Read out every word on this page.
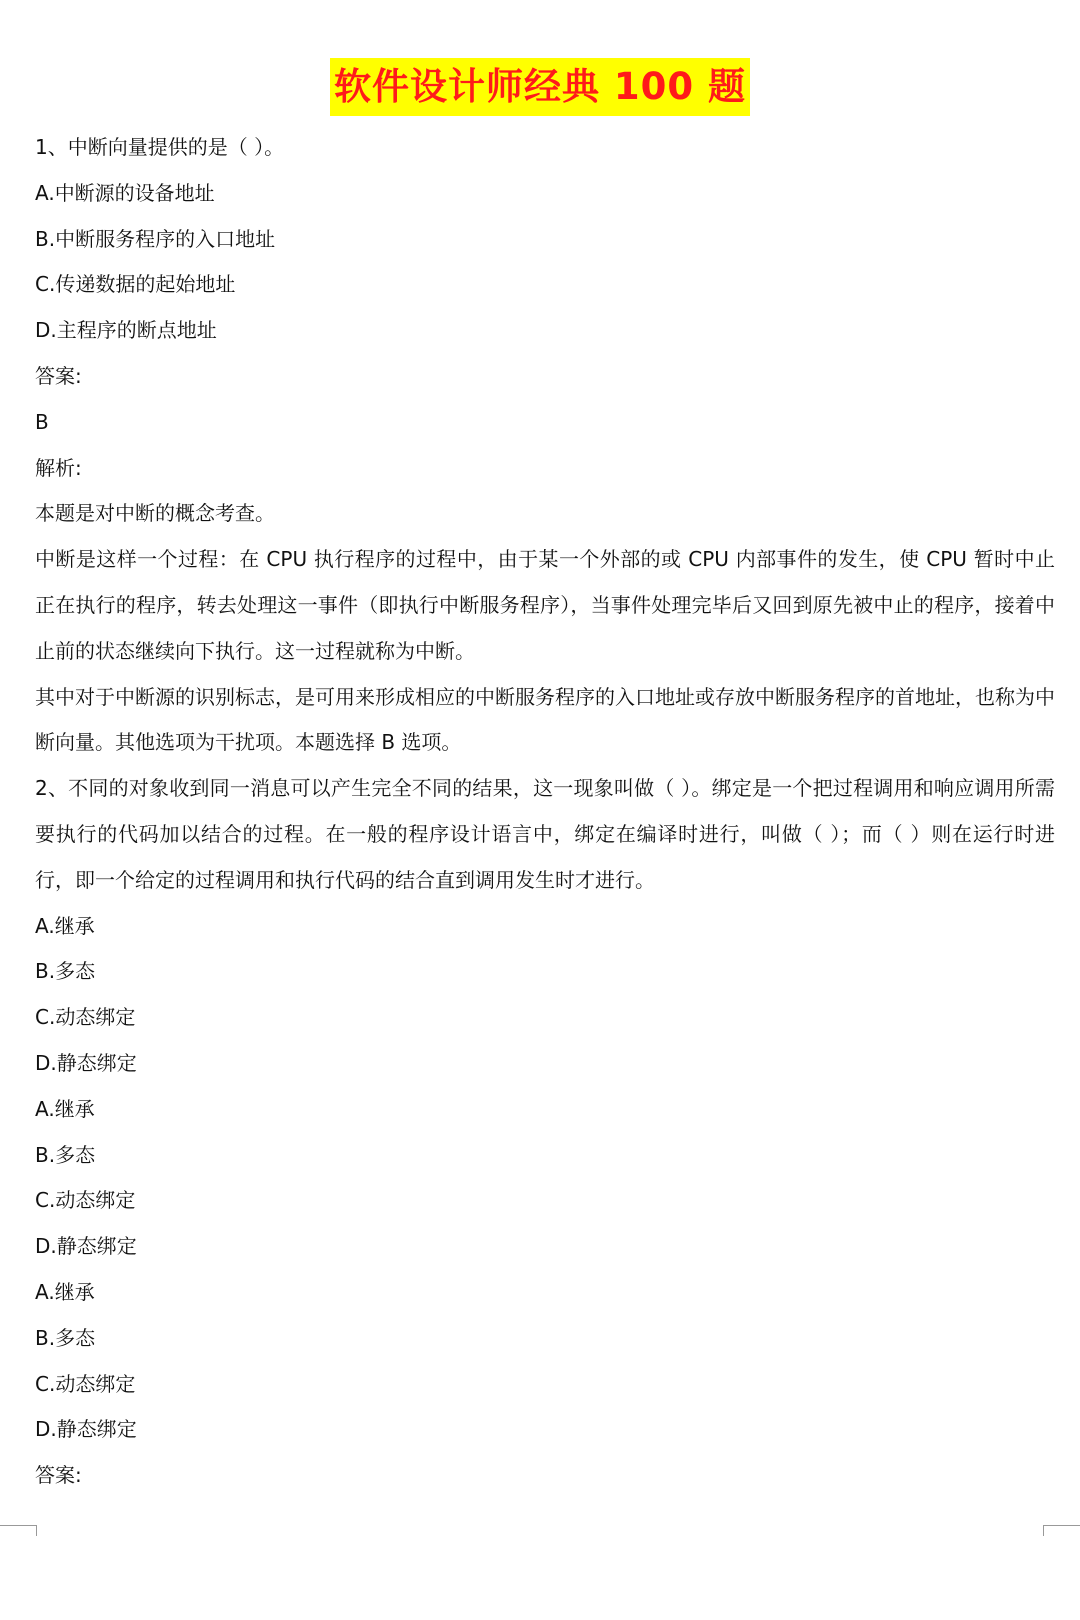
软件设计师经典 100 题
1、中断向量提供的是（ ）。
A.中断源的设备地址
B.中断服务程序的入口地址
C.传递数据的起始地址
D.主程序的断点地址
答案:
B
解析:
本题是对中断的概念考查。
中断是这样一个过程：在 CPU 执行程序的过程中，由于某一个外部的或 CPU 内部事件的发生，使 CPU 暂时中止正在执行的程序，转去处理这一事件（即执行中断服务程序），当事件处理完毕后又回到原先被中止的程序，接着中止前的状态继续向下执行。这一过程就称为中断。
其中对于中断源的识别标志，是可用来形成相应的中断服务程序的入口地址或存放中断服务程序的首地址，也称为中断向量。其他选项为干扰项。本题选择 B 选项。
2、不同的对象收到同一消息可以产生完全不同的结果，这一现象叫做（ ）。绑定是一个把过程调用和响应调用所需要执行的代码加以结合的过程。在一般的程序设计语言中，绑定在编译时进行，叫做（ ）；而（ ）则在运行时进行，即一个给定的过程调用和执行代码的结合直到调用发生时才进行。
A.继承
B.多态
C.动态绑定
D.静态绑定
A.继承
B.多态
C.动态绑定
D.静态绑定
A.继承
B.多态
C.动态绑定
D.静态绑定
答案:
